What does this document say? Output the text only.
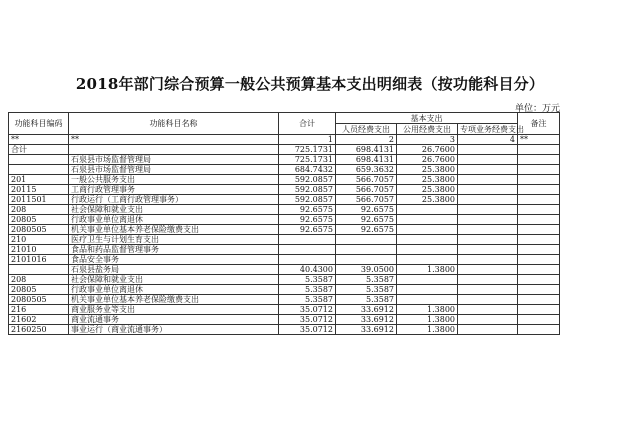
2018年部门综合预算一般公共预算基本支出明细表（按功能科目分）
单位：万元
功能科目编码	功能科目名称	合计	基本支出			备注
			人员经费支出	公用经费支出	专项业务经费支出	
**	**	1	2	3	4	**
合计		725.1731	698.4131	26.7600		
	石泉县市场监督管理局	725.1731	698.4131	26.7600		
	石泉县市场监督管理局	684.7432	659.3632	25.3800		
201	一般公共服务支出	592.0857	566.7057	25.3800		
20115	工商行政管理事务	592.0857	566.7057	25.3800		
2011501	行政运行（工商行政管理事务）	592.0857	566.7057	25.3800		
208	社会保障和就业支出	92.6575	92.6575			
20805	行政事业单位离退休	92.6575	92.6575			
2080505	机关事业单位基本养老保险缴费支出	92.6575	92.6575			
210	医疗卫生与计划生育支出					
21010	食品和药品监督管理事务					
2101016	食品安全事务					
	石泉县盐务局	40.4300	39.0500	1.3800		
208	社会保障和就业支出	5.3587	5.3587			
20805	行政事业单位离退休	5.3587	5.3587			
2080505	机关事业单位基本养老保险缴费支出	5.3587	5.3587			
216	商业服务业等支出	35.0712	33.6912	1.3800		
21602	商业流通事务	35.0712	33.6912	1.3800		
2160250	事业运行（商业流通事务）	35.0712	33.6912	1.3800		
